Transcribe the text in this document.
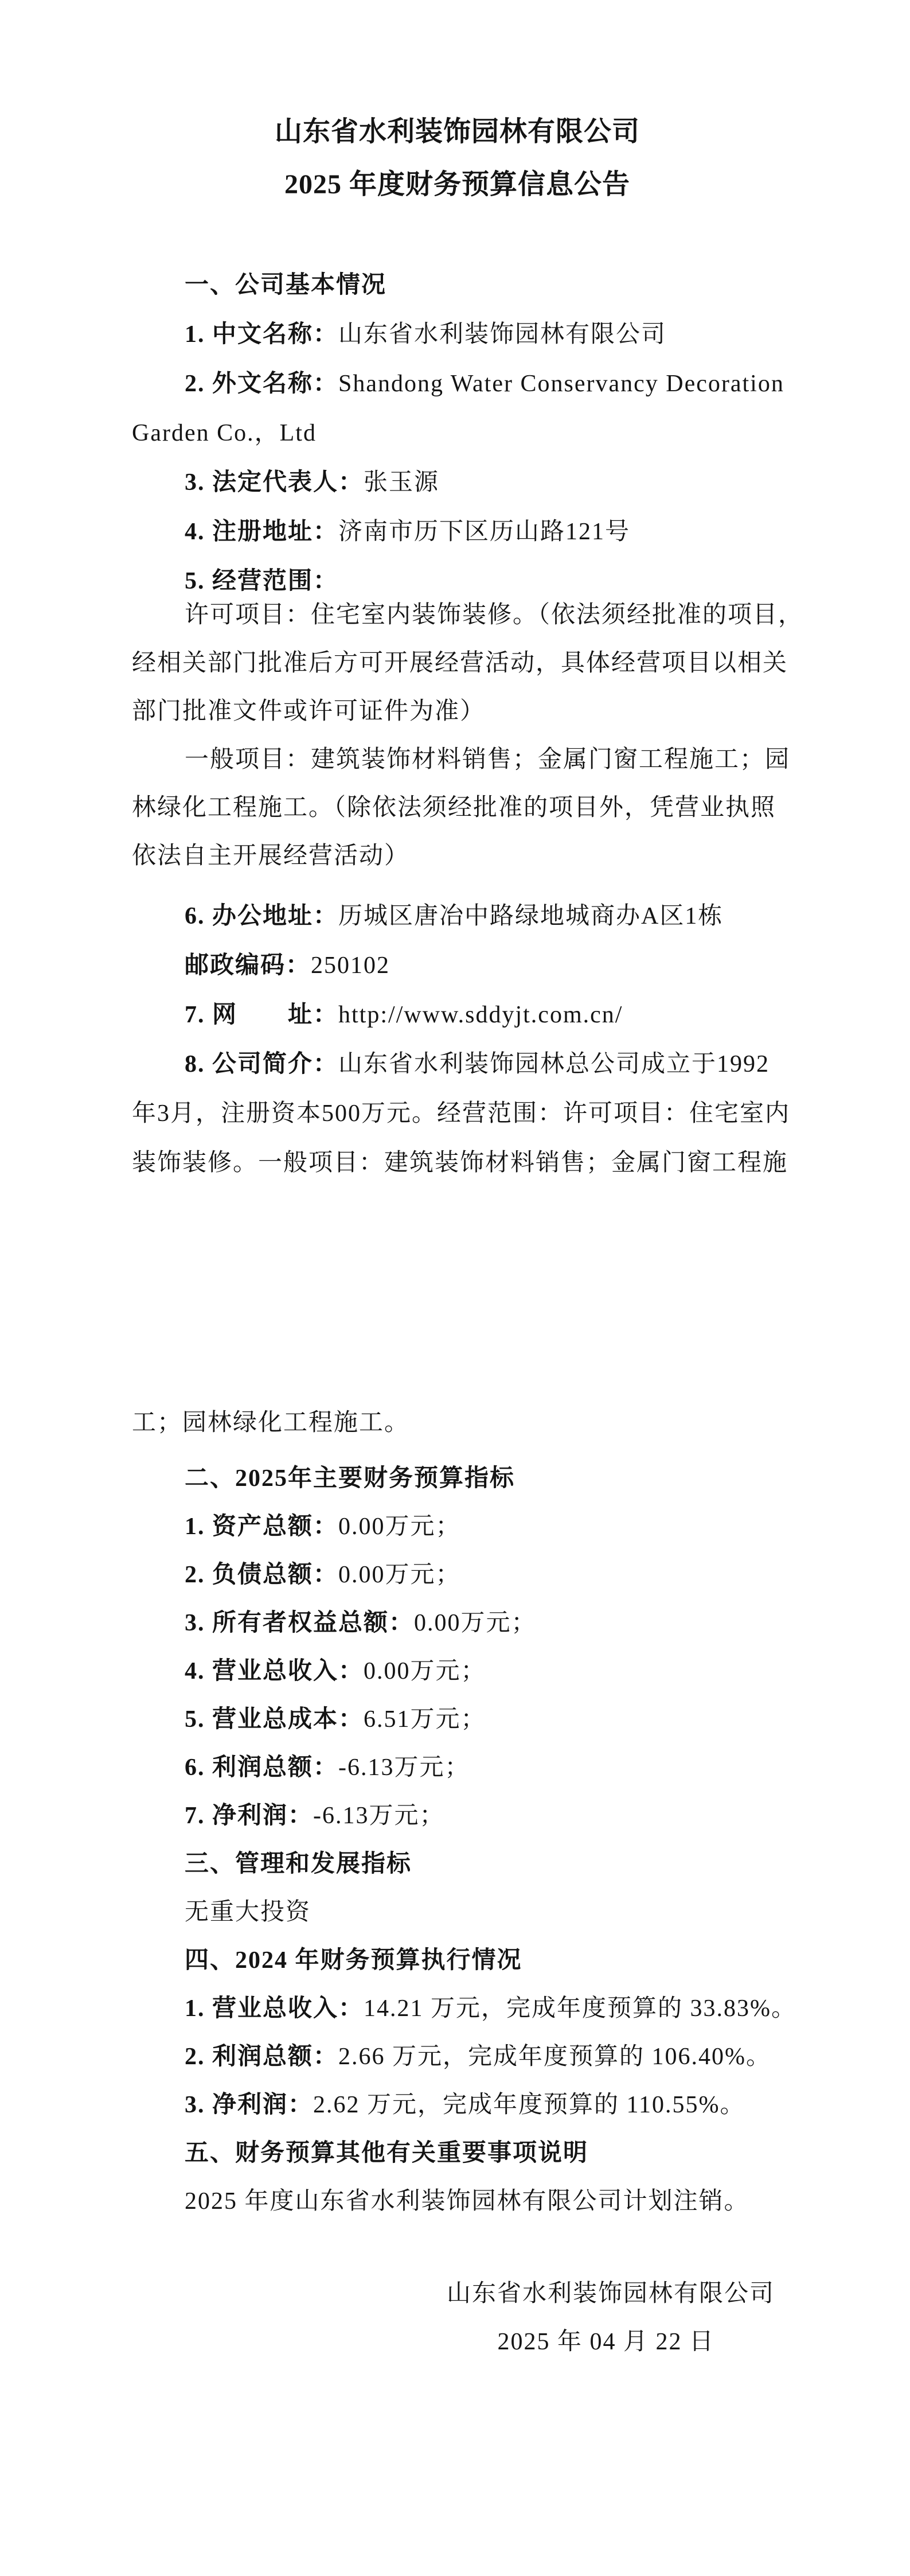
山东省水利装饰园林有限公司
2025 年度财务预算信息公告
一、公司基本情况
1. 中文名称：山东省水利装饰园林有限公司
2. 外文名称：Shandong Water Conservancy Decoration
Garden Co.，Ltd
3. 法定代表人：张玉源
4. 注册地址：济南市历下区历山路121号
5. 经营范围：
许可项目：住宅室内装饰装修。（依法须经批准的项目，
经相关部门批准后方可开展经营活动，具体经营项目以相关
部门批准文件或许可证件为准）
一般项目：建筑装饰材料销售；金属门窗工程施工；园
林绿化工程施工。（除依法须经批准的项目外，凭营业执照
依法自主开展经营活动）
6. 办公地址：历城区唐冶中路绿地城商办A区1栋
邮政编码：250102
7. 网　　址：http://www.sddyjt.com.cn/
8. 公司简介：山东省水利装饰园林总公司成立于1992
年3月，注册资本500万元。经营范围：许可项目：住宅室内
装饰装修。一般项目：建筑装饰材料销售；金属门窗工程施
工；园林绿化工程施工。
二、2025年主要财务预算指标
1. 资产总额：0.00万元；
2. 负债总额：0.00万元；
3. 所有者权益总额：0.00万元；
4. 营业总收入：0.00万元；
5. 营业总成本：6.51万元；
6. 利润总额：-6.13万元；
7. 净利润：-6.13万元；
三、管理和发展指标
无重大投资
四、2024 年财务预算执行情况
1. 营业总收入：14.21 万元，完成年度预算的 33.83%。
2. 利润总额：2.66 万元，完成年度预算的 106.40%。
3. 净利润：2.62 万元，完成年度预算的 110.55%。
五、财务预算其他有关重要事项说明
2025 年度山东省水利装饰园林有限公司计划注销。
山东省水利装饰园林有限公司
2025 年 04 月 22 日
